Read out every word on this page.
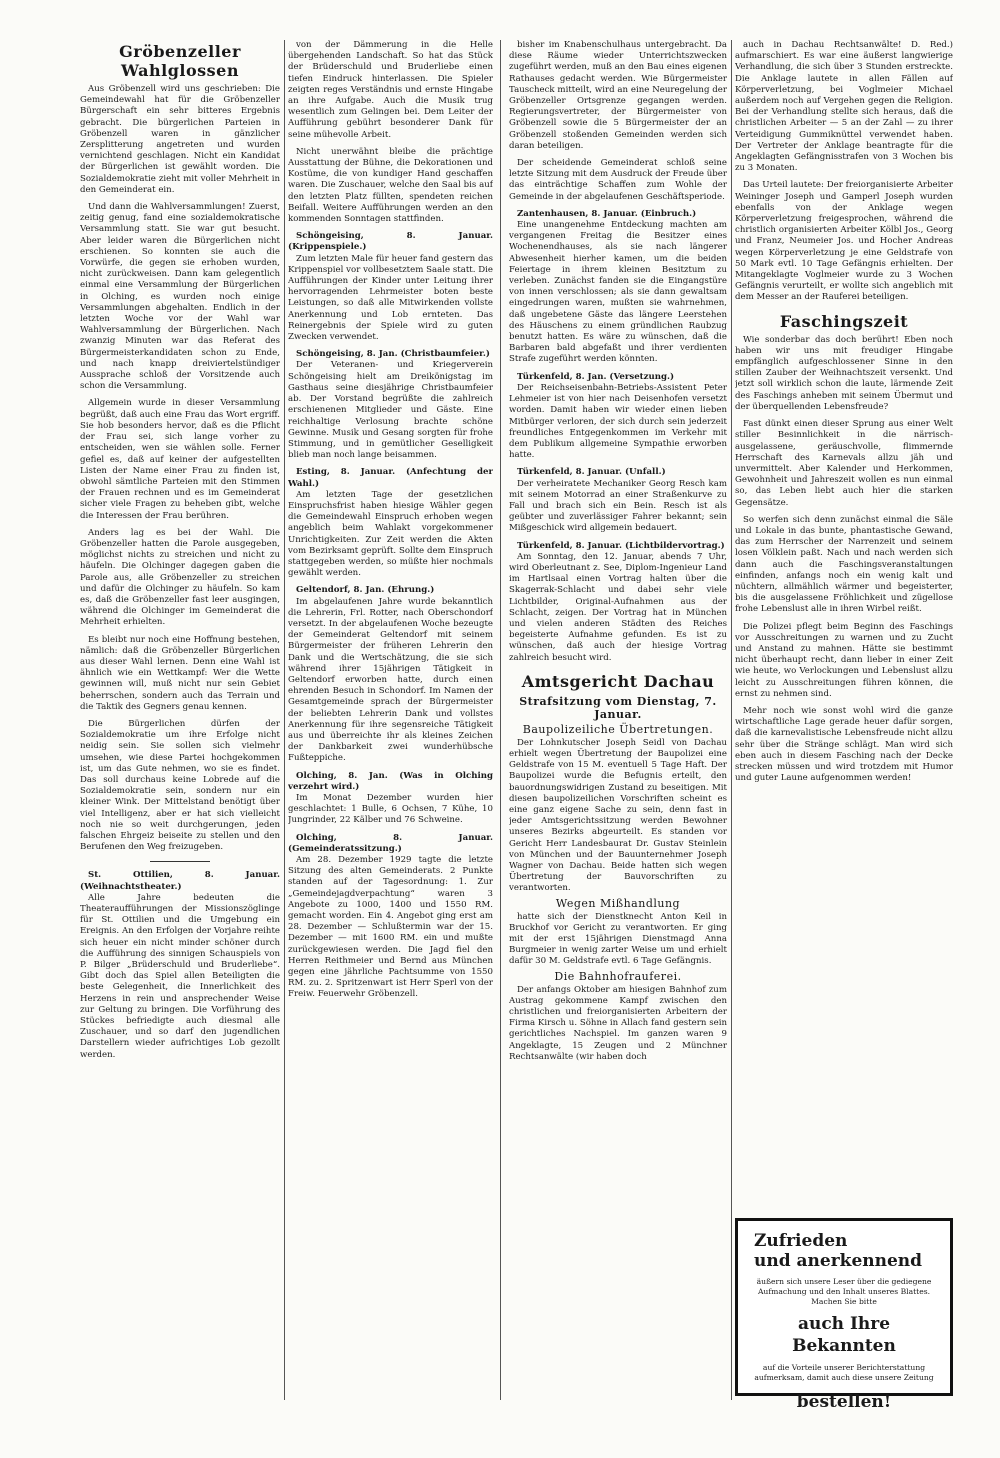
Gröbenzeller Wahlglossen

Aus Gröbenzell wird uns geschrieben: Die Gemeindewahl hat für die Gröbenzeller Bürgerschaft ein sehr bitteres Ergebnis gebracht. Die bürgerlichen Parteien in Gröbenzell waren in gänzlicher Zersplitterung angetreten und wurden vernichtend geschlagen. Nicht ein Kandidat der Bürgerlichen ist gewählt worden. Die Sozialdemokratie zieht mit voller Mehrheit in den Gemeinderat ein.

Und dann die Wahlversammlungen! Zuerst, zeitig genug, fand eine sozialdemokratische Versammlung statt. Sie war gut besucht. Aber leider waren die Bürgerlichen nicht erschienen. So konnten sie auch die Vorwürfe, die gegen sie erhoben wurden, nicht zurückweisen. Dann kam gelegentlich einmal eine Versammlung der Bürgerlichen in Olching, es wurden noch einige Versammlungen abgehalten. Endlich in der letzten Woche vor der Wahl war Wahlversammlung der Bürgerlichen. Nach zwanzig Minuten war das Referat des Bürgermeisterkandidaten schon zu Ende, und nach knapp dreiviertelstündiger Aussprache schloß der Vorsitzende auch schon die Versammlung.

Allgemein wurde in dieser Versammlung begrüßt, daß auch eine Frau das Wort ergriff. Sie hob besonders hervor, daß es die Pflicht der Frau sei, sich lange vorher zu entscheiden, wen sie wählen solle. Ferner gefiel es, daß auf keiner der aufgestellten Listen der Name einer Frau zu finden ist, obwohl sämtliche Parteien mit den Stimmen der Frauen rechnen und es im Gemeinderat sicher viele Fragen zu beheben gibt, welche die Interessen der Frau berühren.

Anders lag es bei der Wahl. Die Gröbenzeller hatten die Parole ausgegeben, möglichst nichts zu streichen und nicht zu häufeln. Die Olchinger dagegen gaben die Parole aus, alle Gröbenzeller zu streichen und dafür die Olchinger zu häufeln. So kam es, daß die Gröbenzeller fast leer ausgingen, während die Olchinger im Gemeinderat die Mehrheit erhielten.

Es bleibt nur noch eine Hoffnung bestehen, nämlich: daß die Gröbenzeller Bürgerlichen aus dieser Wahl lernen. Denn eine Wahl ist ähnlich wie ein Wettkampf: Wer die Wette gewinnen will, muß nicht nur sein Gebiet beherrschen, sondern auch das Terrain und die Taktik des Gegners genau kennen.

Die Bürgerlichen dürfen der Sozialdemokratie um ihre Erfolge nicht neidig sein. Sie sollen sich vielmehr umsehen, wie diese Partei hochgekommen ist, um das Gute nehmen, wo sie es findet. Das soll durchaus keine Lobrede auf die Sozialdemokratie sein, sondern nur ein kleiner Wink. Der Mittelstand benötigt über viel Intelligenz, aber er hat sich vielleicht noch nie so weit durchgerungen, jeden falschen Ehrgeiz beiseite zu stellen und den Berufenen den Weg freizugeben.

St. Ottilien, 8. Januar. (Weihnachtstheater.)

Alle Jahre bedeuten die Theateraufführungen der Missionszöglinge für St. Ottilien und die Umgebung ein Ereignis. An den Erfolgen der Vorjahre reihte sich heuer ein nicht minder schöner durch die Aufführung des sinnigen Schauspiels von P. Bilger „Brüderschuld und Bruderliebe“. Gibt doch das Spiel allen Beteiligten die beste Gelegenheit, die Innerlichkeit des Herzens in rein und ansprechender Weise zur Geltung zu bringen. Die Vorführung des Stückes befriedigte auch diesmal alle Zuschauer, und so darf den jugendlichen Darstellern wieder aufrichtiges Lob gezollt werden.

von der Dämmerung in die Helle übergehenden Landschaft. So hat das Stück der Brüderschuld und Bruderliebe einen tiefen Eindruck hinterlassen. Die Spieler zeigten reges Verständnis und ernste Hingabe an ihre Aufgabe. Auch die Musik trug wesentlich zum Gelingen bei. Dem Leiter der Aufführung gebührt besonderer Dank für seine mühevolle Arbeit.

Nicht unerwähnt bleibe die prächtige Ausstattung der Bühne, die Dekorationen und Kostüme, die von kundiger Hand geschaffen waren. Die Zuschauer, welche den Saal bis auf den letzten Platz füllten, spendeten reichen Beifall. Weitere Aufführungen werden an den kommenden Sonntagen stattfinden.

Schöngeising, 8. Januar. (Krippenspiele.)

Zum letzten Male für heuer fand gestern das Krippenspiel vor vollbesetztem Saale statt. Die Aufführungen der Kinder unter Leitung ihrer hervorragenden Lehrmeister boten beste Leistungen, so daß alle Mitwirkenden vollste Anerkennung und Lob ernteten. Das Reinergebnis der Spiele wird zu guten Zwecken verwendet.

Schöngeising, 8. Jan. (Christbaumfeier.)

Der Veteranen- und Kriegerverein Schöngeising hielt am Dreikönigstag im Gasthaus seine diesjährige Christbaumfeier ab. Der Vorstand begrüßte die zahlreich erschienenen Mitglieder und Gäste. Eine reichhaltige Verlosung brachte schöne Gewinne. Musik und Gesang sorgten für frohe Stimmung, und in gemütlicher Geselligkeit blieb man noch lange beisammen.

Esting, 8. Januar. (Anfechtung der Wahl.)

Am letzten Tage der gesetzlichen Einspruchsfrist haben hiesige Wähler gegen die Gemeindewahl Einspruch erhoben wegen angeblich beim Wahlakt vorgekommener Unrichtigkeiten. Zur Zeit werden die Akten vom Bezirksamt geprüft. Sollte dem Einspruch stattgegeben werden, so müßte hier nochmals gewählt werden.

Geltendorf, 8. Jan. (Ehrung.)

Im abgelaufenen Jahre wurde bekanntlich die Lehrerin, Frl. Rotter, nach Oberschondorf versetzt. In der abgelaufenen Woche bezeugte der Gemeinderat Geltendorf mit seinem Bürgermeister der früheren Lehrerin den Dank und die Wertschätzung, die sie sich während ihrer 15jährigen Tätigkeit in Geltendorf erworben hatte, durch einen ehrenden Besuch in Schondorf. Im Namen der Gesamtgemeinde sprach der Bürgermeister der beliebten Lehrerin Dank und vollstes Anerkennung für ihre segensreiche Tätigkeit aus und überreichte ihr als kleines Zeichen der Dankbarkeit zwei wunderhübsche Fußteppiche.

Olching, 8. Jan. (Was in Olching verzehrt wird.)

Im Monat Dezember wurden hier geschlachtet: 1 Bulle, 6 Ochsen, 7 Kühe, 10 Jungrinder, 22 Kälber und 76 Schweine.

Olching, 8. Januar. (Gemeinderatssitzung.)

Am 28. Dezember 1929 tagte die letzte Sitzung des alten Gemeinderats. 2 Punkte standen auf der Tagesordnung: 1. Zur „Gemeindejagdverpachtung“ waren 3 Angebote zu 1000, 1400 und 1550 RM. gemacht worden. Ein 4. Angebot ging erst am 28. Dezember — Schlußtermin war der 15. Dezember — mit 1600 RM. ein und mußte zurückgewiesen werden. Die Jagd fiel den Herren Reithmeier und Bernd aus München gegen eine jährliche Pachtsumme von 1550 RM. zu. 2. Spritzenwart ist Herr Sperl von der Freiw. Feuerwehr Gröbenzell.

bisher im Knabenschulhaus untergebracht. Da diese Räume wieder Unterrichtszwecken zugeführt werden, muß an den Bau eines eigenen Rathauses gedacht werden. Wie Bürgermeister Tauscheck mitteilt, wird an eine Neuregelung der Gröbenzeller Ortsgrenze gegangen werden. Regierungsvertreter, der Bürgermeister von Gröbenzell sowie die 5 Bürgermeister der an Gröbenzell stoßenden Gemeinden werden sich daran beteiligen.

Der scheidende Gemeinderat schloß seine letzte Sitzung mit dem Ausdruck der Freude über das einträchtige Schaffen zum Wohle der Gemeinde in der abgelaufenen Geschäftsperiode.

Zantenhausen, 8. Januar. (Einbruch.)

Eine unangenehme Entdeckung machten am vergangenen Freitag die Besitzer eines Wochenendhauses, als sie nach längerer Abwesenheit hierher kamen, um die beiden Feiertage in ihrem kleinen Besitztum zu verleben. Zunächst fanden sie die Eingangstüre von innen verschlossen; als sie dann gewaltsam eingedrungen waren, mußten sie wahrnehmen, daß ungebetene Gäste das längere Leerstehen des Häuschens zu einem gründlichen Raubzug benutzt hatten. Es wäre zu wünschen, daß die Barbaren bald abgefaßt und ihrer verdienten Strafe zugeführt werden könnten.

Türkenfeld, 8. Jan. (Versetzung.)

Der Reichseisenbahn-Betriebs-Assistent Peter Lehmeier ist von hier nach Deisenhofen versetzt worden. Damit haben wir wieder einen lieben Mitbürger verloren, der sich durch sein jederzeit freundliches Entgegenkommen im Verkehr mit dem Publikum allgemeine Sympathie erworben hatte.

Türkenfeld, 8. Januar. (Unfall.)

Der verheiratete Mechaniker Georg Resch kam mit seinem Motorrad an einer Straßenkurve zu Fall und brach sich ein Bein. Resch ist als geübter und zuverlässiger Fahrer bekannt; sein Mißgeschick wird allgemein bedauert.

Türkenfeld, 8. Januar. (Lichtbildervortrag.)

Am Sonntag, den 12. Januar, abends 7 Uhr, wird Oberleutnant z. See, Diplom-Ingenieur Land im Hartlsaal einen Vortrag halten über die Skagerrak-Schlacht und dabei sehr viele Lichtbilder, Original-Aufnahmen aus der Schlacht, zeigen. Der Vortrag hat in München und vielen anderen Städten des Reiches begeisterte Aufnahme gefunden. Es ist zu wünschen, daß auch der hiesige Vortrag zahlreich besucht wird.

Amtsgericht Dachau
Strafsitzung vom Dienstag, 7. Januar.
Baupolizeiliche Übertretungen.

Der Lohnkutscher Joseph Seidl von Dachau erhielt wegen Übertretung der Baupolizei eine Geldstrafe von 15 M. eventuell 5 Tage Haft. Der Baupolizei wurde die Befugnis erteilt, den bauordnungswidrigen Zustand zu beseitigen. Mit diesen baupolizeilichen Vorschriften scheint es eine ganz eigene Sache zu sein, denn fast in jeder Amtsgerichtssitzung werden Bewohner unseres Bezirks abgeurteilt. Es standen vor Gericht Herr Landesbaurat Dr. Gustav Steinlein von München und der Bauunternehmer Joseph Wagner von Dachau. Beide hatten sich wegen Übertretung der Bauvorschriften zu verantworten.

Wegen Mißhandlung

hatte sich der Dienstknecht Anton Keil in Bruckhof vor Gericht zu verantworten. Er ging mit der erst 15jährigen Dienstmagd Anna Burgmeier in wenig zarter Weise um und erhielt dafür 30 M. Geldstrafe evtl. 6 Tage Gefängnis.

Die Bahnhofrauferei.

Der anfangs Oktober am hiesigen Bahnhof zum Austrag gekommene Kampf zwischen den christlichen und freiorganisierten Arbeitern der Firma Kirsch u. Söhne in Allach fand gestern sein gerichtliches Nachspiel. Im ganzen waren 9 Angeklagte, 15 Zeugen und 2 Münchner Rechtsanwälte (wir haben doch

auch in Dachau Rechtsanwälte! D. Red.) aufmarschiert. Es war eine äußerst langwierige Verhandlung, die sich über 3 Stunden erstreckte. Die Anklage lautete in allen Fällen auf Körperverletzung, bei Voglmeier Michael außerdem noch auf Vergehen gegen die Religion. Bei der Verhandlung stellte sich heraus, daß die christlichen Arbeiter — 5 an der Zahl — zu ihrer Verteidigung Gummiknüttel verwendet haben. Der Vertreter der Anklage beantragte für die Angeklagten Gefängnisstrafen von 3 Wochen bis zu 3 Monaten.

Das Urteil lautete: Der freiorganisierte Arbeiter Weininger Joseph und Gamperl Joseph wurden ebenfalls von der Anklage wegen Körperverletzung freigesprochen, während die christlich organisierten Arbeiter Kölbl Jos., Georg und Franz, Neumeier Jos. und Hocher Andreas wegen Körperverletzung je eine Geldstrafe von 50 Mark evtl. 10 Tage Gefängnis erhielten. Der Mitangeklagte Voglmeier wurde zu 3 Wochen Gefängnis verurteilt, er wollte sich angeblich mit dem Messer an der Rauferei beteiligen.

Faschingszeit

Wie sonderbar das doch berührt! Eben noch haben wir uns mit freudiger Hingabe empfänglich aufgeschlossener Sinne in den stillen Zauber der Weihnachtszeit versenkt. Und jetzt soll wirklich schon die laute, lärmende Zeit des Faschings anheben mit seinem Übermut und der überquellenden Lebensfreude?

Fast dünkt einen dieser Sprung aus einer Welt stiller Besinnlichkeit in die närrisch-ausgelassene, geräuschvolle, flimmernde Herrschaft des Karnevals allzu jäh und unvermittelt. Aber Kalender und Herkommen, Gewohnheit und Jahreszeit wollen es nun einmal so, das Leben liebt auch hier die starken Gegensätze.

So werfen sich denn zunächst einmal die Säle und Lokale in das bunte, phantastische Gewand, das zum Herrscher der Narrenzeit und seinem losen Völklein paßt. Nach und nach werden sich dann auch die Faschingsveranstaltungen einfinden, anfangs noch ein wenig kalt und nüchtern, allmählich wärmer und begeisterter, bis die ausgelassene Fröhlichkeit und zügellose frohe Lebenslust alle in ihren Wirbel reißt.

Die Polizei pflegt beim Beginn des Faschings vor Ausschreitungen zu warnen und zu Zucht und Anstand zu mahnen. Hätte sie bestimmt nicht überhaupt recht, dann lieber in einer Zeit wie heute, wo Verlockungen und Lebenslust allzu leicht zu Ausschreitungen führen können, die ernst zu nehmen sind.

Mehr noch wie sonst wohl wird die ganze wirtschaftliche Lage gerade heuer dafür sorgen, daß die karnevalistische Lebensfreude nicht allzu sehr über die Stränge schlägt. Man wird sich eben auch in diesem Fasching nach der Decke strecken müssen und wird trotzdem mit Humor und guter Laune aufgenommen werden!

Zufrieden

und anerkennend

äußern sich unsere Leser über die gediegene Aufmachung und den Inhalt unseres Blattes. Machen Sie bitte

auch Ihre Bekannten

auf die Vorteile unserer Berichterstattung aufmerksam, damit auch diese unsere Zeitung

bestellen!
